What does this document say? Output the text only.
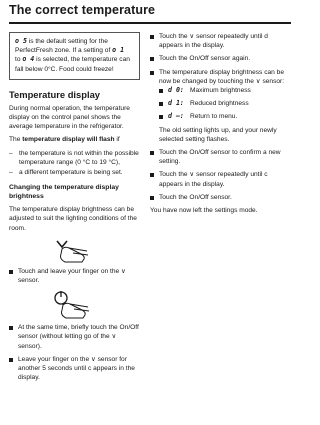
The correct temperature
o 5 is the default setting for the PerfectFresh zone. If a setting of o 1
to o 4 is selected, the temperature can fall below 0°C. Food could freeze!
Temperature display

During normal operation, the temperature display on the control panel shows the average temperature in the refrigerator.

The temperature display will flash if

– the temperature is not within the possible temperature range (0 °C to 19 °C),
– a different temperature is being set.
Changing the temperature display brightness

The temperature display brightness can be adjusted to suit the lighting conditions of the room.

Touch and leave your finger on the ∨ sensor.
At the same time, briefly touch the On/Off sensor (without letting go of the ∨ sensor).
Leave your finger on the ∨ sensor for another 5 seconds until c appears in the display.
Touch the ∨ sensor repeatedly until d appears in the display.
Touch the On/Off sensor again.
The temperature display brightness can be now be changed by touching the ∨ sensor:
d 0: Maximum brightness
d 1: Reduced brightness
d –: Return to menu.
The old setting lights up, and your newly selected setting flashes.
Touch the On/Off sensor to confirm a new setting.
Touch the ∨ sensor repeatedly until c appears in the display.
Touch the On/Off sensor.

You have now left the settings mode.
